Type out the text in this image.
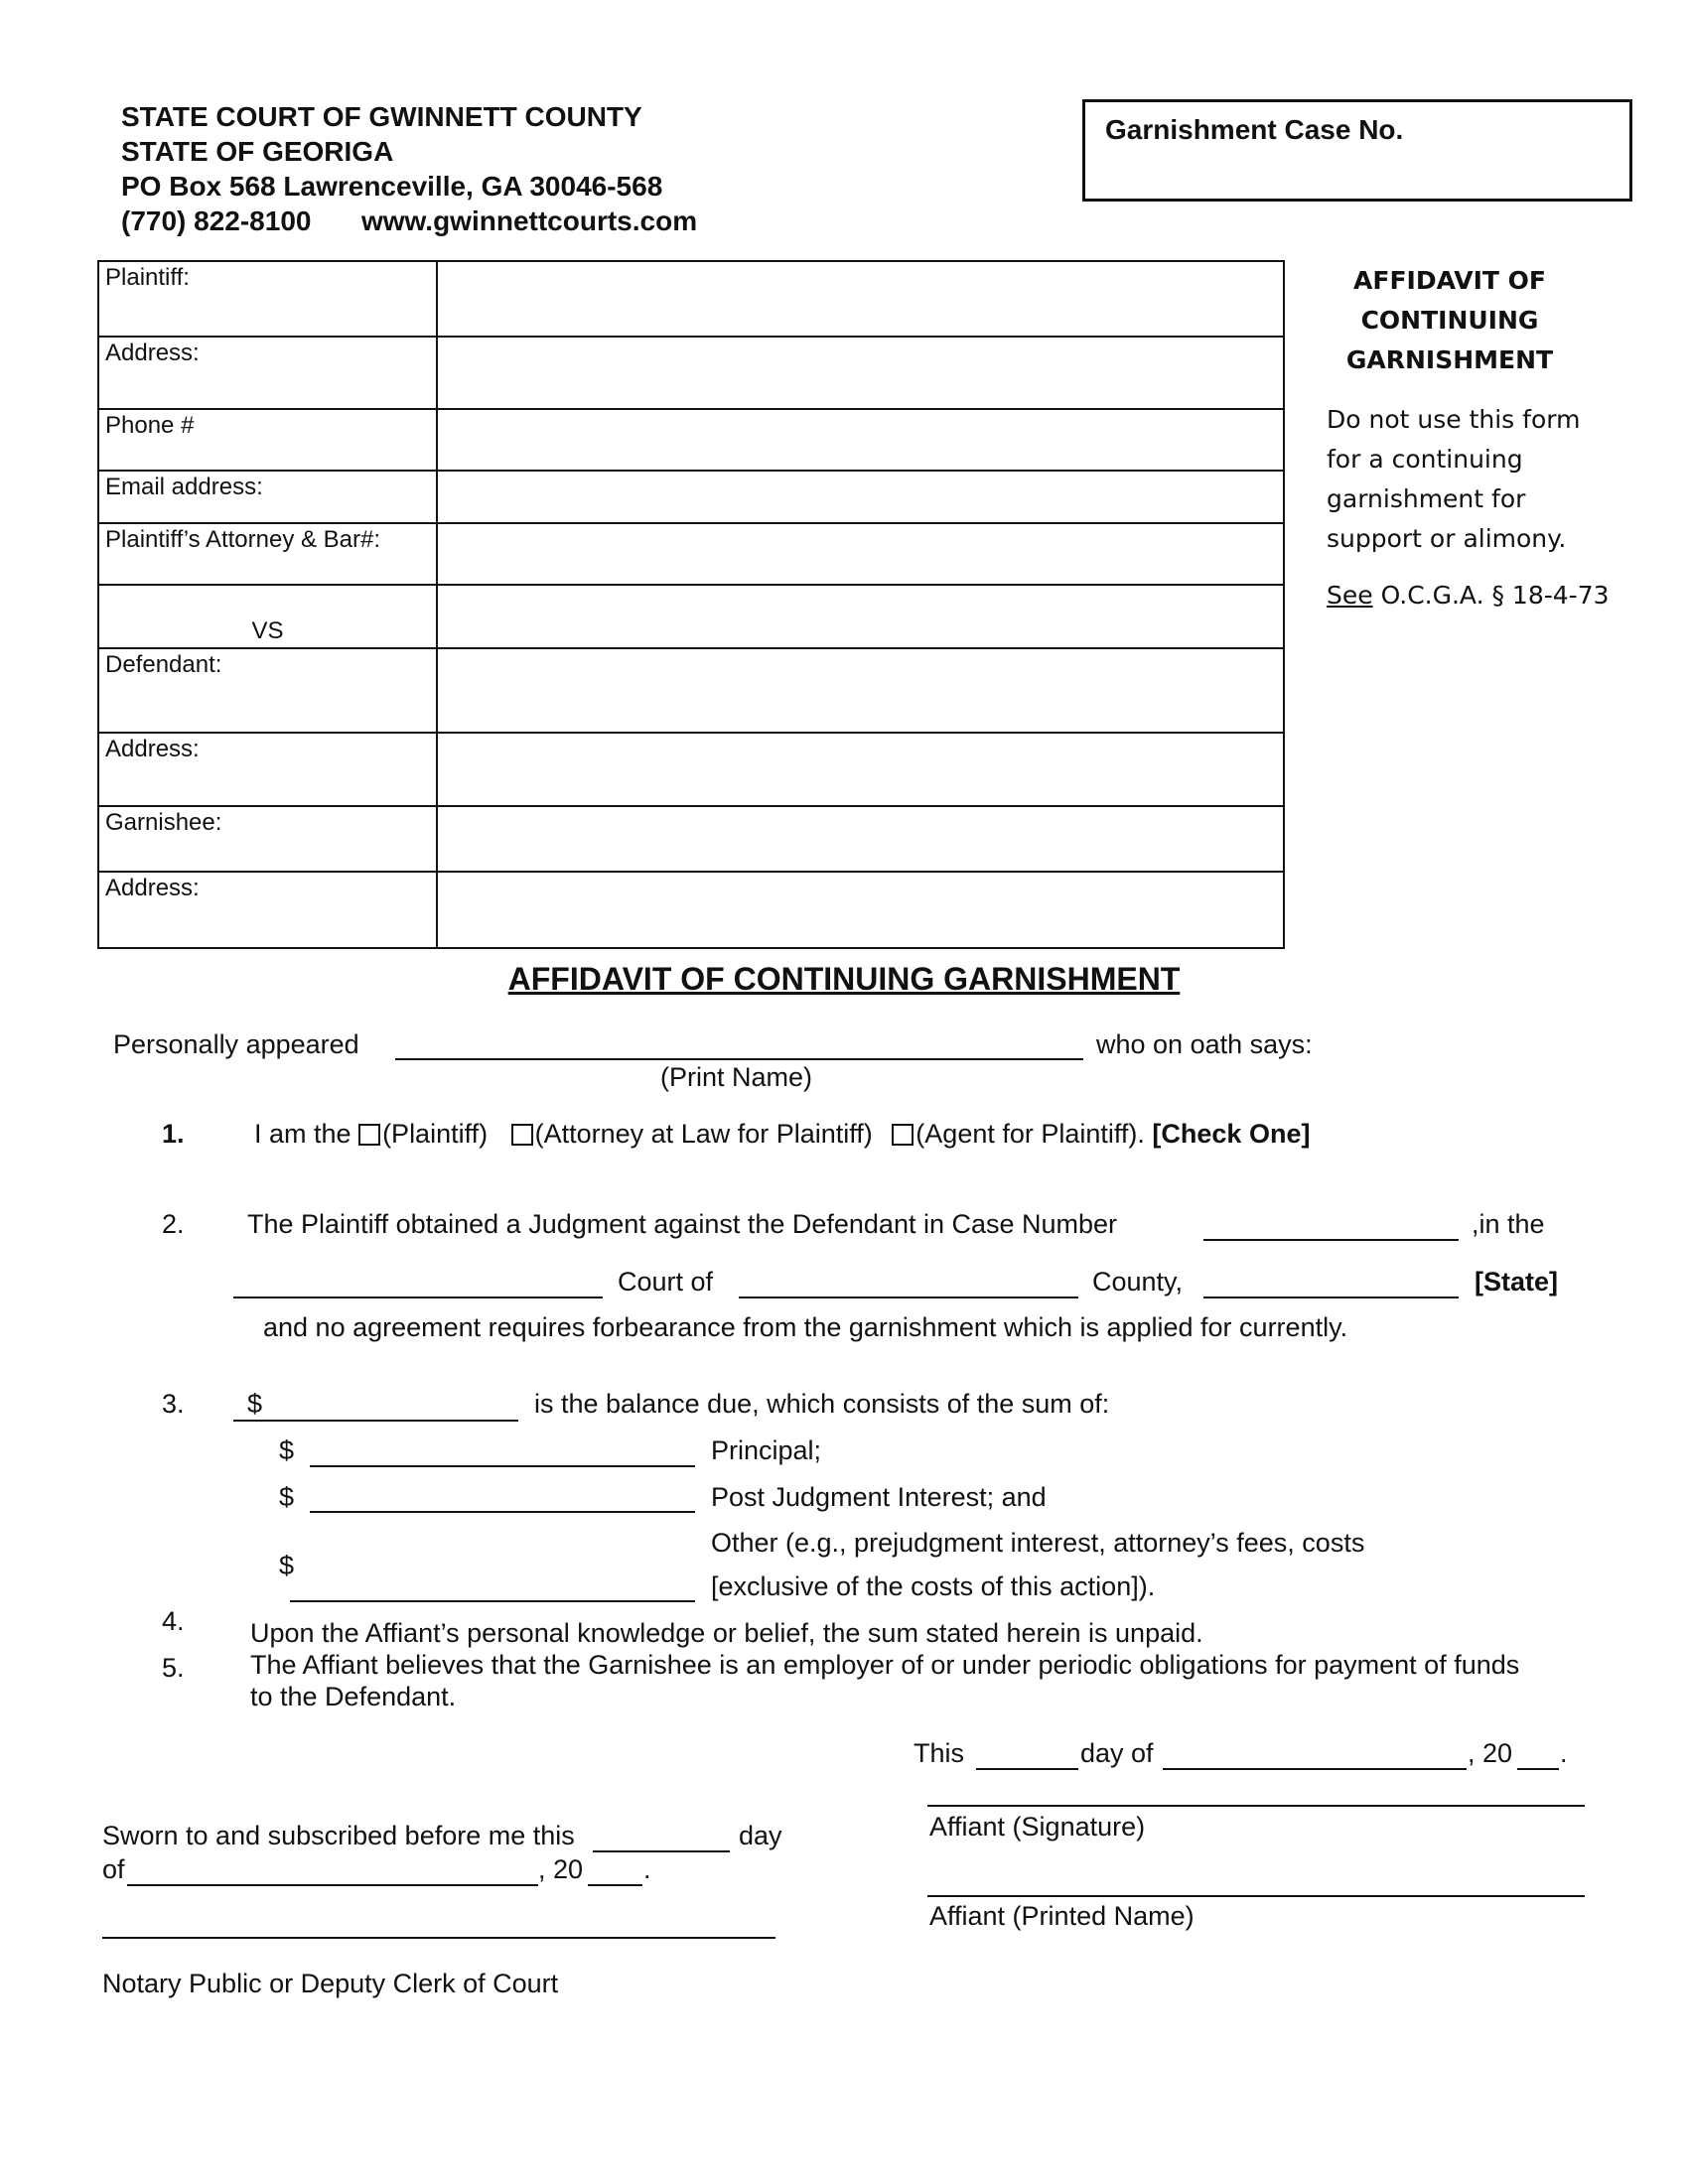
STATE COURT OF GWINNETT COUNTY
STATE OF GEORIGA
PO Box 568 Lawrenceville, GA 30046-568
(770) 822-8100 www.gwinnettcourts.com
Garnishment Case No.
Plaintiff:	
Address:	
Phone #	
Email address:	
Plaintiff’s Attorney & Bar#:	
VS	
Defendant:	
Address:	
Garnishee:	
Address:	
AFFIDAVIT OF
CONTINUING
GARNISHMENT
Do not use this form
for a continuing
garnishment for
support or alimony.
See O.C.G.A. § 18-4-73
AFFIDAVIT OF CONTINUING GARNISHMENT
Personally appeared	who on oath says:
(Print Name)
1.	I am the (Plaintiff) (Attorney at Law for Plaintiff) (Agent for Plaintiff). [Check One]
2. The Plaintiff obtained a Judgment against the Defendant in Case Number	,in the
Court of	County,	[State]
and no agreement requires forbearance from the garnishment which is applied for currently.
3. $	is the balance due, which consists of the sum of:
$	Principal;
$	Post Judgment Interest; and
Other (e.g., prejudgment interest, attorney’s fees, costs
$
[exclusive of the costs of this action]).
4. Upon the Affiant’s personal knowledge or belief, the sum stated herein is unpaid.
5. The Affiant believes that the Garnishee is an employer of or under periodic obligations for payment of funds
to the Defendant.
This	day of	, 20 .
Affiant (Signature)
Affiant (Printed Name)
Sworn to and subscribed before me this	day
of	, 20 .
Notary Public or Deputy Clerk of Court
